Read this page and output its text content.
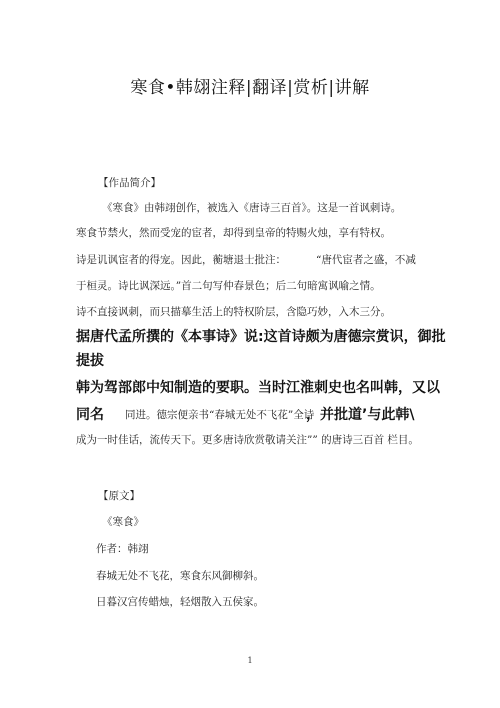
寒食•韩翃注释|翻译|赏析|讲解
【作品简介】
《寒食》由韩翊创作，被选入《唐诗三百首》。这是一首讽刺诗。
寒食节禁火，然而受宠的宦者，却得到皇帝的特赐火烛，享有特权。
诗是讥讽宦者的得宠。因此，蘅塘退士批注：	“唐代宦者之盛，不减
于桓灵。诗比讽深远。”首二句写仲春景色；后二句暗寓讽喻之情。
诗不直接讽刺，而只描摹生活上的特权阶层，含隐巧妙，入木三分。
据唐代孟所撰的《本事诗》说:这首诗颇为唐德宗赏识，御批
提拔
韩为驾部郎中知制造的要职。当时江淮刺史也名叫韩，又以
同名 同进。德宗便亲书“春城无处不飞花”全诗
，并批道’与此韩\
成为一时佳话，流传天下。更多唐诗欣赏敬请关注”” 的唐诗三百首 栏目。
【原文】
《寒食》
作者：韩翊
春城无处不飞花，寒食东风御柳斜。
日暮汉宫传蜡烛，轻烟散入五侯家。
1
